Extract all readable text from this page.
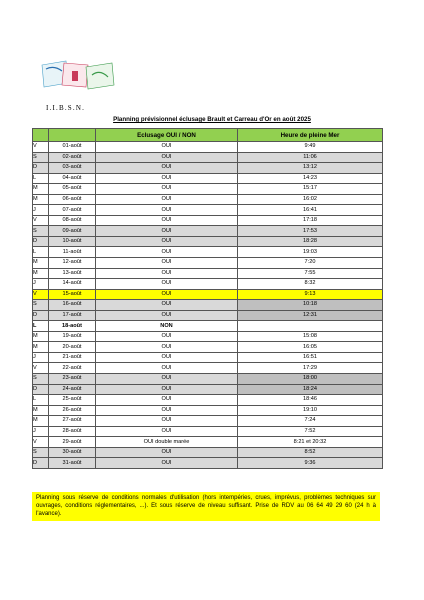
I.I.B.S.N.
Planning prévisionnel éclusage Brault et Carreau d'Or en août 2025
		Eclusage OUI / NON	Heure de pleine Mer
V	01-août	OUI	9:49
S	02-août	OUI	11:06
D	03-août	OUI	13:12
L	04-août	OUI	14:23
M	05-août	OUI	15:17
M	06-août	OUI	16:02
J	07-août	OUI	16:41
V	08-août	OUI	17:18
S	09-août	OUI	17:53
D	10-août	OUI	18:28
L	11-août	OUI	19:03
M	12-août	OUI	7:20
M	13-août	OUI	7:55
J	14-août	OUI	8:32
V	15-août	OUI	9:13
S	16-août	OUI	10:18
D	17-août	OUI	12:31
L	18-août	NON	
M	19-août	OUI	15:08
M	20-août	OUI	16:05
J	21-août	OUI	16:51
V	22-août	OUI	17:29
S	23-août	OUI	18:00
D	24-août	OUI	18:24
L	25-août	OUI	18:46
M	26-août	OUI	19:10
M	27-août	OUI	7:24
J	28-août	OUI	7:52
V	29-août	OUI double marée	8:21 et 20:32
S	30-août	OUI	8:52
D	31-août	OUI	9:36
Planning sous réserve de conditions normales d'utilisation (hors intempéries, crues, imprévus, problèmes techniques sur ouvrages, conditions réglementaires, ...). Et sous réserve de niveau suffisant. Prise de RDV au 06 64 49 29 60 (24 h à l'avance).
